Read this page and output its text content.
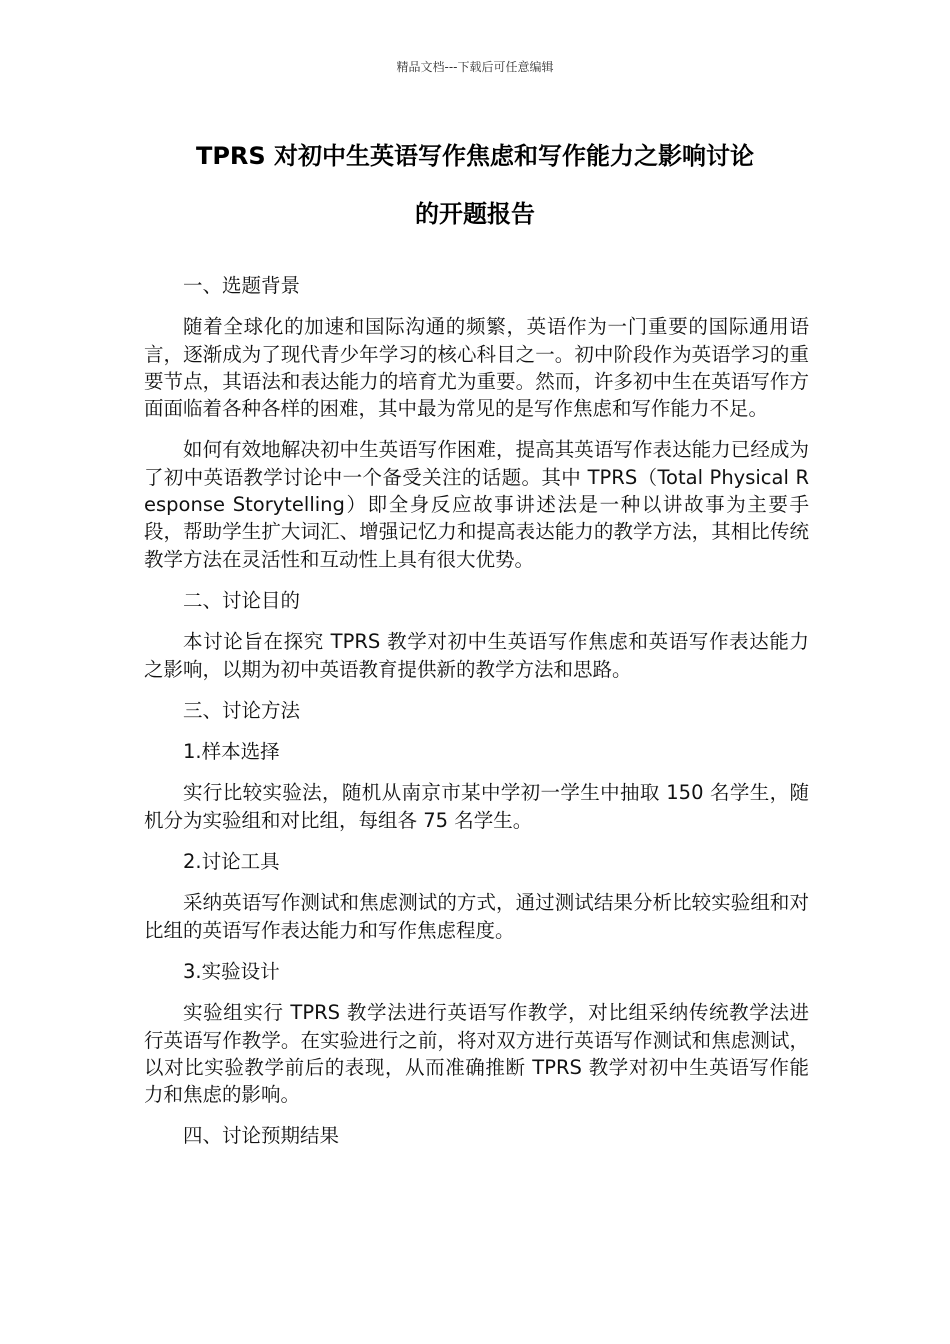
精品文档---下载后可任意编辑
TPRS 对初中生英语写作焦虑和写作能力之影响讨论
的开题报告

一、选题背景

随着全球化的加速和国际沟通的频繁，英语作为一门重要的国际通用语言，逐渐成为了现代青少年学习的核心科目之一。初中阶段作为英语学习的重要节点，其语法和表达能力的培育尤为重要。然而，许多初中生在英语写作方面面临着各种各样的困难，其中最为常见的是写作焦虑和写作能力不足。

如何有效地解决初中生英语写作困难，提高其英语写作表达能力已经成为了初中英语教学讨论中一个备受关注的话题。其中 TPRS（Total Physical Response Storytelling）即全身反应故事讲述法是一种以讲故事为主要手段，帮助学生扩大词汇、增强记忆力和提高表达能力的教学方法，其相比传统教学方法在灵活性和互动性上具有很大优势。

二、讨论目的

本讨论旨在探究 TPRS 教学对初中生英语写作焦虑和英语写作表达能力之影响，以期为初中英语教育提供新的教学方法和思路。

三、讨论方法

1.样本选择

实行比较实验法，随机从南京市某中学初一学生中抽取 150 名学生，随机分为实验组和对比组，每组各 75 名学生。

2.讨论工具

采纳英语写作测试和焦虑测试的方式，通过测试结果分析比较实验组和对比组的英语写作表达能力和写作焦虑程度。

3.实验设计

实验组实行 TPRS 教学法进行英语写作教学，对比组采纳传统教学法进行英语写作教学。在实验进行之前，将对双方进行英语写作测试和焦虑测试，以对比实验教学前后的表现，从而准确推断 TPRS 教学对初中生英语写作能力和焦虑的影响。

四、讨论预期结果
